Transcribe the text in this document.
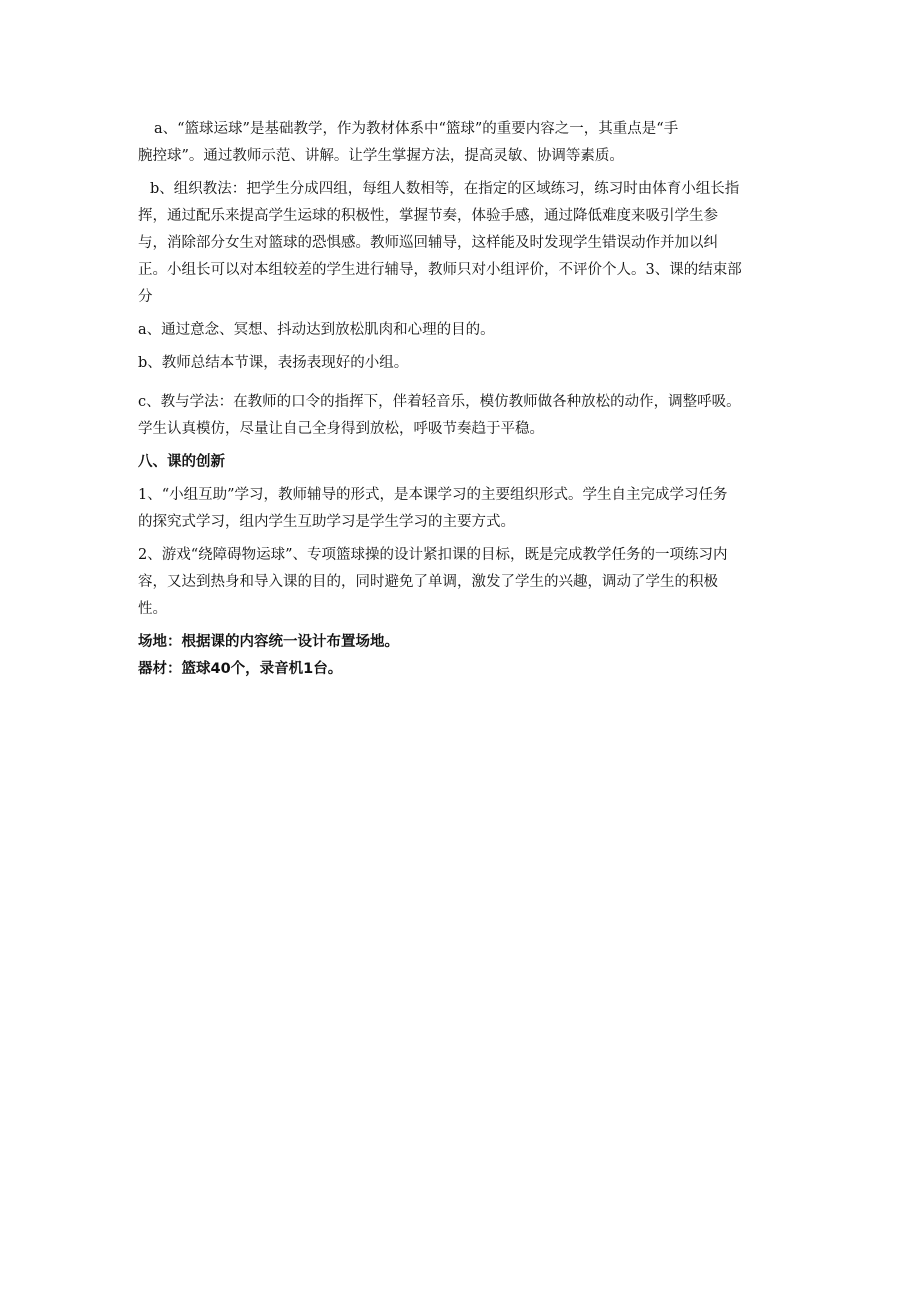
a、“篮球运球”是基础教学，作为教材体系中“篮球”的重要内容之一，其重点是“手
腕控球”。通过教师示范、讲解。让学生掌握方法，提高灵敏、协调等素质。
b、组织教法：把学生分成四组，每组人数相等，在指定的区域练习，练习时由体育小组长指
挥，通过配乐来提高学生运球的积极性，掌握节奏，体验手感，通过降低难度来吸引学生参
与，消除部分女生对篮球的恐惧感。教师巡回辅导，这样能及时发现学生错误动作并加以纠
正。小组长可以对本组较差的学生进行辅导，教师只对小组评价，不评价个人。3、课的结束部
分
a、通过意念、冥想、抖动达到放松肌肉和心理的目的。
b、教师总结本节课，表扬表现好的小组。
c、教与学法：在教师的口令的指挥下，伴着轻音乐，模仿教师做各种放松的动作，调整呼吸。
学生认真模仿，尽量让自己全身得到放松，呼吸节奏趋于平稳。
八、课的创新
1、“小组互助”学习，教师辅导的形式，是本课学习的主要组织形式。学生自主完成学习任务
的探究式学习，组内学生互助学习是学生学习的主要方式。
2、游戏“绕障碍物运球”、专项篮球操的设计紧扣课的目标，既是完成教学任务的一项练习内
容，又达到热身和导入课的目的，同时避免了单调，激发了学生的兴趣，调动了学生的积极
性。
场地：根据课的内容统一设计布置场地。
器材：篮球40个，录音机1台。
